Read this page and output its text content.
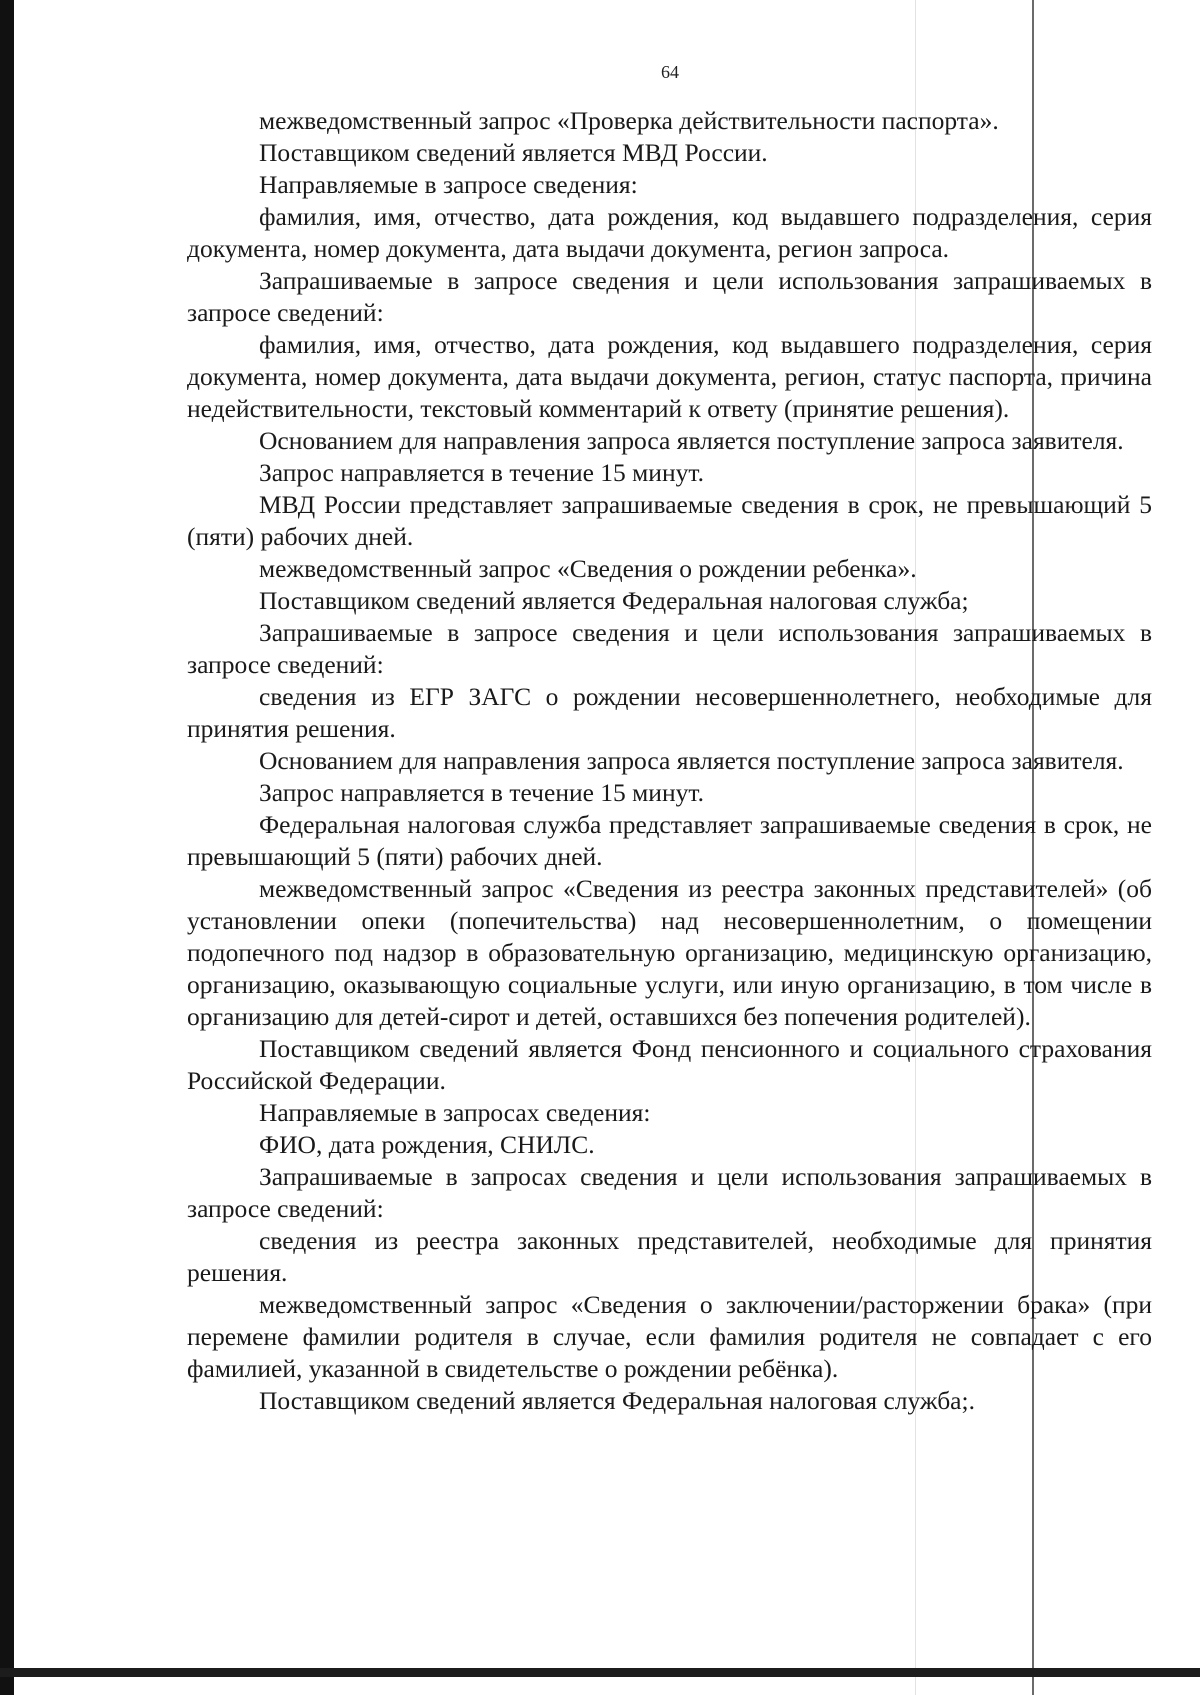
64

межведомственный запрос «Проверка действительности паспорта».

Поставщиком сведений является МВД России.

Направляемые в запросе сведения:

фамилия, имя, отчество, дата рождения, код выдавшего подразделения, серия документа, номер документа, дата выдачи документа, регион запроса.

Запрашиваемые в запросе сведения и цели использования запрашиваемых в запросе сведений:

фамилия, имя, отчество, дата рождения, код выдавшего подразделения, серия документа, номер документа, дата выдачи документа, регион, статус паспорта, причина недействительности, текстовый комментарий к ответу (принятие решения).

Основанием для направления запроса является поступление запроса заявителя.

Запрос направляется в течение 15 минут.

МВД России представляет запрашиваемые сведения в срок, не превышающий 5 (пяти) рабочих дней.

межведомственный запрос «Сведения о рождении ребенка».

Поставщиком сведений является Федеральная налоговая служба;

Запрашиваемые в запросе сведения и цели использования запрашиваемых в запросе сведений:

сведения из ЕГР ЗАГС о рождении несовершеннолетнего, необходимые для принятия решения.

Основанием для направления запроса является поступление запроса заявителя.

Запрос направляется в течение 15 минут.

Федеральная налоговая служба представляет запрашиваемые сведения в срок, не превышающий 5 (пяти) рабочих дней.

межведомственный запрос «Сведения из реестра законных представителей» (об установлении опеки (попечительства) над несовершеннолетним, о помещении подопечного под надзор в образовательную организацию, медицинскую организацию, организацию, оказывающую социальные услуги, или иную организацию, в том числе в организацию для детей-сирот и детей, оставшихся без попечения родителей).

Поставщиком сведений является Фонд пенсионного и социального страхования Российской Федерации.

Направляемые в запросах сведения:

ФИО, дата рождения, СНИЛС.

Запрашиваемые в запросах сведения и цели использования запрашиваемых в запросе сведений:

сведения из реестра законных представителей, необходимые для принятия решения.

межведомственный запрос «Сведения о заключении/расторжении брака» (при перемене фамилии родителя в случае, если фамилия родителя не совпадает с его фамилией, указанной в свидетельстве о рождении ребёнка).

Поставщиком сведений является Федеральная налоговая служба;.
